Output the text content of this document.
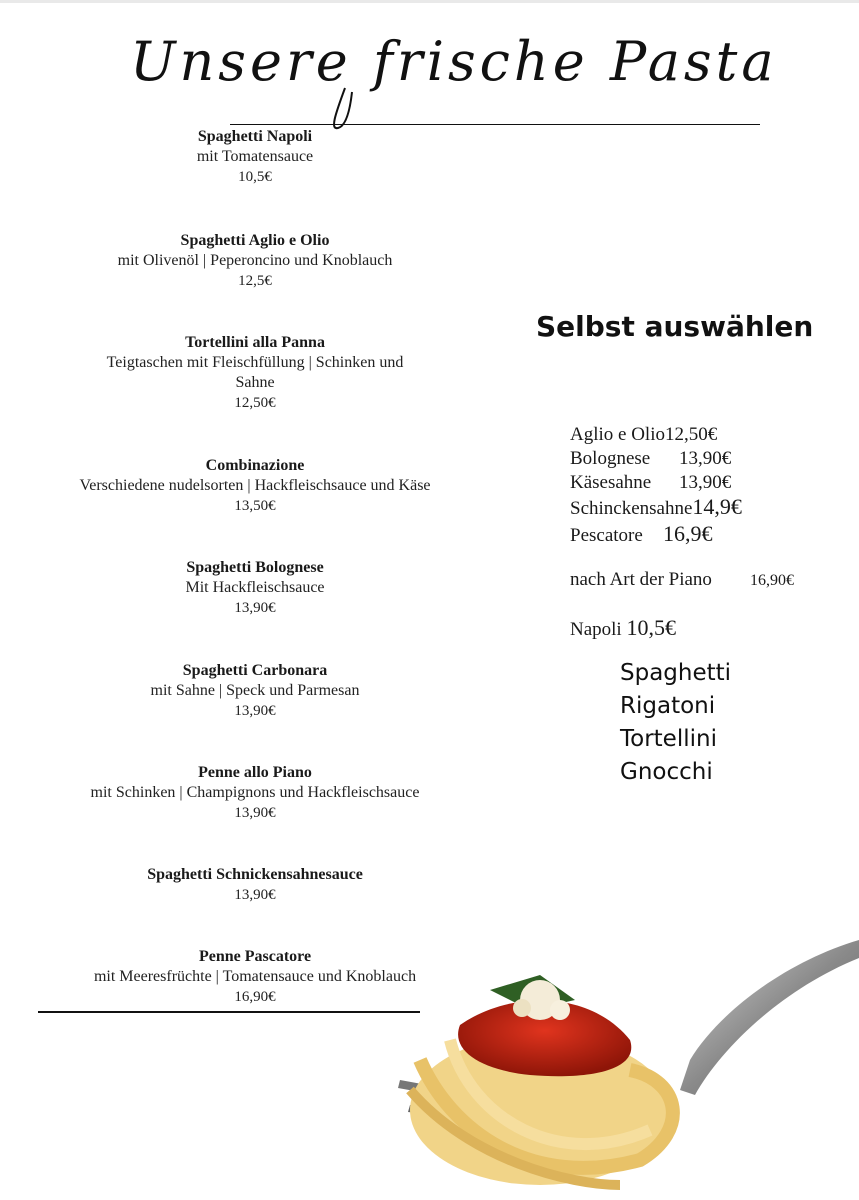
Unsere frische Pasta
Spaghetti Napoli
mit Tomatensauce
10,5€
Spaghetti Aglio e Olio
mit Olivenöl | Peperoncino und Knoblauch
12,5€
Tortellini alla Panna
Teigtaschen mit Fleischfüllung | Schinken und
Sahne
12,50€
Combinazione
Verschiedene nudelsorten | Hackfleischsauce und Käse
13,50€
Spaghetti Bolognese
Mit Hackfleischsauce
13,90€
Spaghetti Carbonara
mit Sahne | Speck und Parmesan
13,90€
Penne allo Piano
mit Schinken | Champignons und Hackfleischsauce
13,90€
Spaghetti Schnickensahnesauce
13,90€
Penne Pascatore
mit Meeresfrüchte | Tomatensauce und Knoblauch
16,90€
Selbst auswählen
Aglio e Olio12,50€
Bolognese 13,90€
Käsesahne 13,90€
Schinckensahne14,9€
Pescatore 16,9€
nach Art der Piano 16,90€
Napoli 10,5€
Spaghetti
Rigatoni
Tortellini
Gnocchi
